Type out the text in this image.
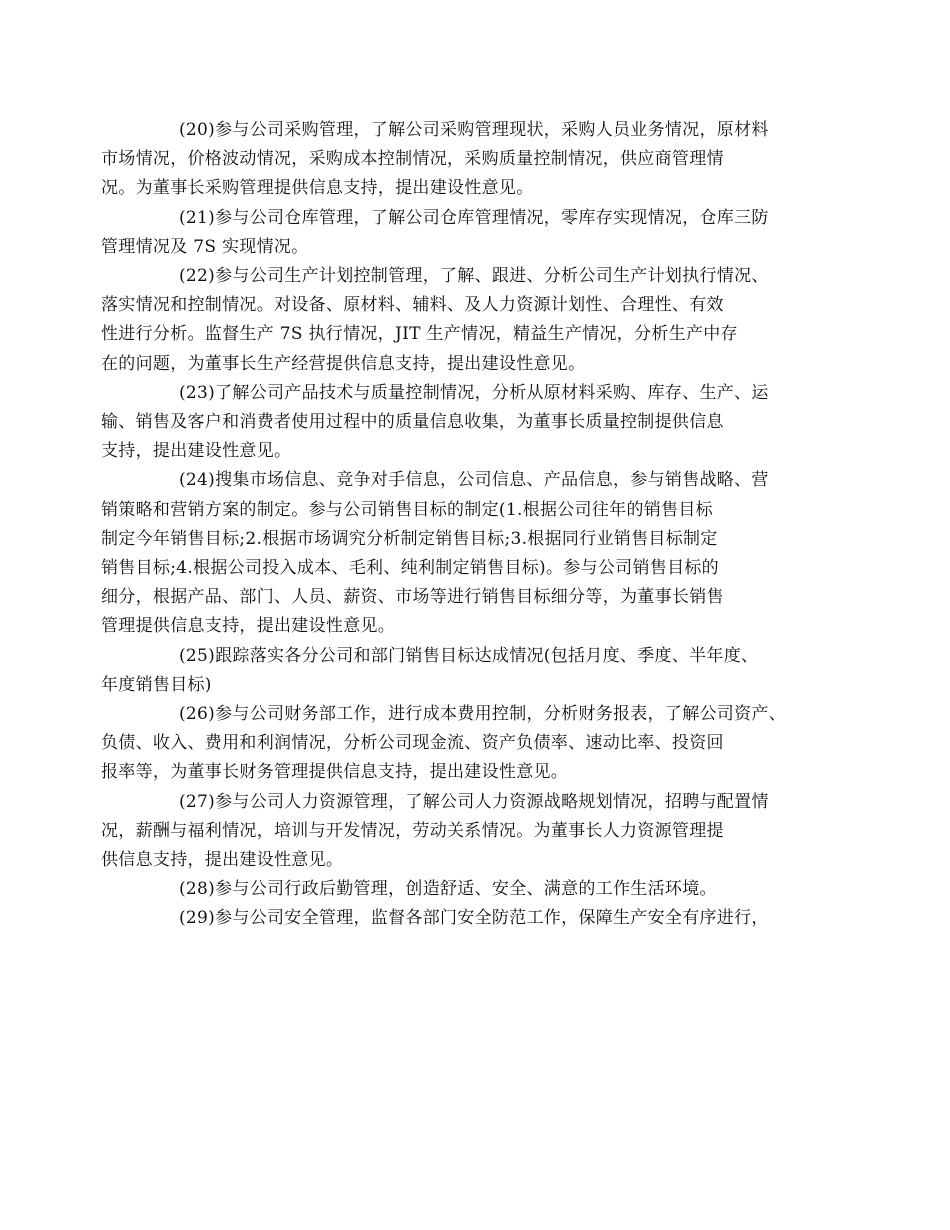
(20)参与公司采购管理，了解公司采购管理现状，采购人员业务情况，原材料
市场情况，价格波动情况，采购成本控制情况，采购质量控制情况，供应商管理情
况。为董事长采购管理提供信息支持，提出建设性意见。

(21)参与公司仓库管理，了解公司仓库管理情况，零库存实现情况，仓库三防
管理情况及 7S 实现情况。

(22)参与公司生产计划控制管理，了解、跟进、分析公司生产计划执行情况、
落实情况和控制情况。对设备、原材料、辅料、及人力资源计划性、合理性、有效
性进行分析。监督生产 7S 执行情况，JIT 生产情况，精益生产情况，分析生产中存
在的问题，为董事长生产经营提供信息支持，提出建设性意见。

(23)了解公司产品技术与质量控制情况，分析从原材料采购、库存、生产、运
输、销售及客户和消费者使用过程中的质量信息收集，为董事长质量控制提供信息
支持，提出建设性意见。

(24)搜集市场信息、竞争对手信息，公司信息、产品信息，参与销售战略、营
销策略和营销方案的制定。参与公司销售目标的制定(1.根据公司往年的销售目标
制定今年销售目标;2.根据市场调究分析制定销售目标;3.根据同行业销售目标制定
销售目标;4.根据公司投入成本、毛利、纯利制定销售目标)。参与公司销售目标的
细分，根据产品、部门、人员、薪资、市场等进行销售目标细分等，为董事长销售
管理提供信息支持，提出建设性意见。

(25)跟踪落实各分公司和部门销售目标达成情况(包括月度、季度、半年度、
年度销售目标)

(26)参与公司财务部工作，进行成本费用控制，分析财务报表，了解公司资产、
负债、收入、费用和利润情况，分析公司现金流、资产负债率、速动比率、投资回
报率等，为董事长财务管理提供信息支持，提出建设性意见。

(27)参与公司人力资源管理，了解公司人力资源战略规划情况，招聘与配置情
况，薪酬与福利情况，培训与开发情况，劳动关系情况。为董事长人力资源管理提
供信息支持，提出建设性意见。

(28)参与公司行政后勤管理，创造舒适、安全、满意的工作生活环境。

(29)参与公司安全管理，监督各部门安全防范工作，保障生产安全有序进行，
